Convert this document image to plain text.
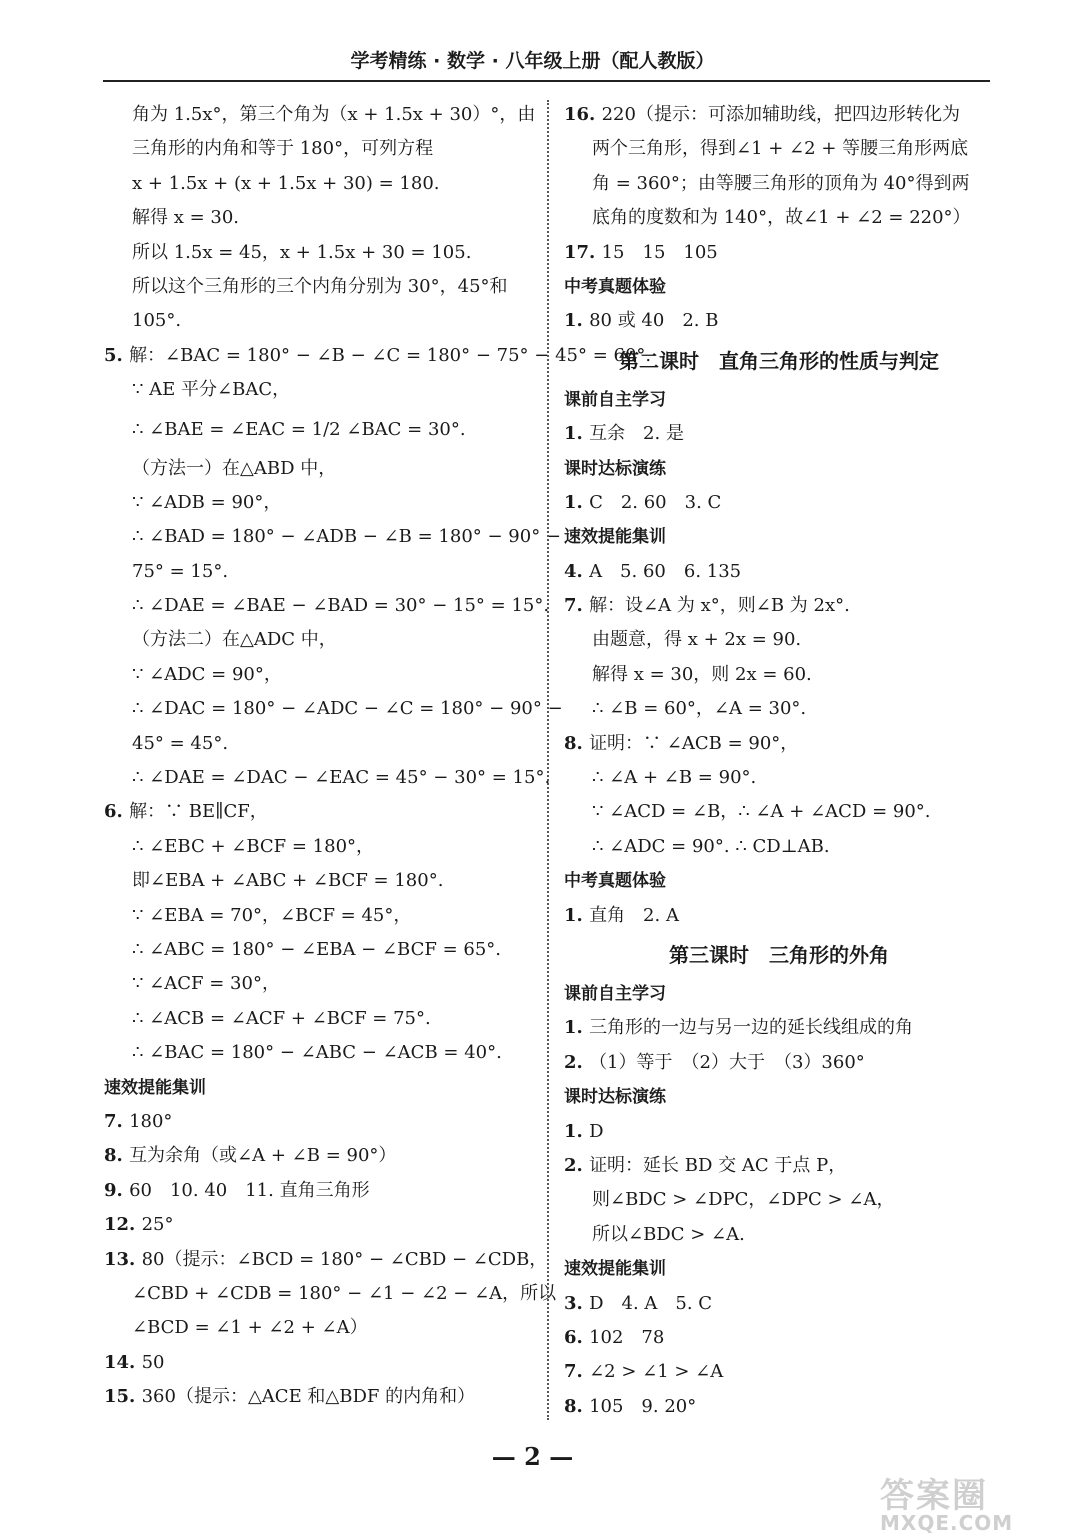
学考精练 · 数学 · 八年级上册（配人教版）
角为 1.5x°，第三个角为（x + 1.5x + 30）°，由
三角形的内角和等于 180°，可列方程
x + 1.5x + (x + 1.5x + 30) = 180.
解得 x = 30.
所以 1.5x = 45，x + 1.5x + 30 = 105.
所以这个三角形的三个内角分别为 30°，45°和
105°.
5. 解：∠BAC = 180° − ∠B − ∠C = 180° − 75° − 45° = 60°.
∵ AE 平分∠BAC，
∴ ∠BAE = ∠EAC = 1/2 ∠BAC = 30°.
（方法一）在△ABD 中，
∵ ∠ADB = 90°，
∴ ∠BAD = 180° − ∠ADB − ∠B = 180° − 90° −
75° = 15°.
∴ ∠DAE = ∠BAE − ∠BAD = 30° − 15° = 15°.
（方法二）在△ADC 中，
∵ ∠ADC = 90°，
∴ ∠DAC = 180° − ∠ADC − ∠C = 180° − 90° −
45° = 45°.
∴ ∠DAE = ∠DAC − ∠EAC = 45° − 30° = 15°.
6. 解：∵ BE∥CF，
∴ ∠EBC + ∠BCF = 180°，
即∠EBA + ∠ABC + ∠BCF = 180°.
∵ ∠EBA = 70°，∠BCF = 45°，
∴ ∠ABC = 180° − ∠EBA − ∠BCF = 65°.
∵ ∠ACF = 30°，
∴ ∠ACB = ∠ACF + ∠BCF = 75°.
∴ ∠BAC = 180° − ∠ABC − ∠ACB = 40°.
速效提能集训
7. 180°
8. 互为余角（或∠A + ∠B = 90°）
9. 60　10. 40　11. 直角三角形
12. 25°
13. 80（提示：∠BCD = 180° − ∠CBD − ∠CDB，
∠CBD + ∠CDB = 180° − ∠1 − ∠2 − ∠A，所以
∠BCD = ∠1 + ∠2 + ∠A）
14. 50
15. 360（提示：△ACE 和△BDF 的内角和）
16. 220（提示：可添加辅助线，把四边形转化为
两个三角形，得到∠1 + ∠2 + 等腰三角形两底
角 = 360°；由等腰三角形的顶角为 40°得到两
底角的度数和为 140°，故∠1 + ∠2 = 220°）
17. 15　15　105
中考真题体验
1. 80 或 40　2. B
第二课时　直角三角形的性质与判定
课前自主学习
1. 互余　2. 是
课时达标演练
1. C　2. 60　3. C
速效提能集训
4. A　5. 60　6. 135
7. 解：设∠A 为 x°，则∠B 为 2x°.
由题意，得 x + 2x = 90.
解得 x = 30，则 2x = 60.
∴ ∠B = 60°，∠A = 30°.
8. 证明：∵ ∠ACB = 90°，
∴ ∠A + ∠B = 90°.
∵ ∠ACD = ∠B，∴ ∠A + ∠ACD = 90°.
∴ ∠ADC = 90°. ∴ CD⊥AB.
中考真题体验
1. 直角　2. A
第三课时　三角形的外角
课前自主学习
1. 三角形的一边与另一边的延长线组成的角
2. （1）等于　（2）大于　（3）360°
课时达标演练
1. D
2. 证明：延长 BD 交 AC 于点 P，
则∠BDC > ∠DPC，∠DPC > ∠A，
所以∠BDC > ∠A.
速效提能集训
3. D　4. A　5. C
6. 102　78
7. ∠2 > ∠1 > ∠A
8. 105　9. 20°
— 2 —
答案圈
MXQE.COM
